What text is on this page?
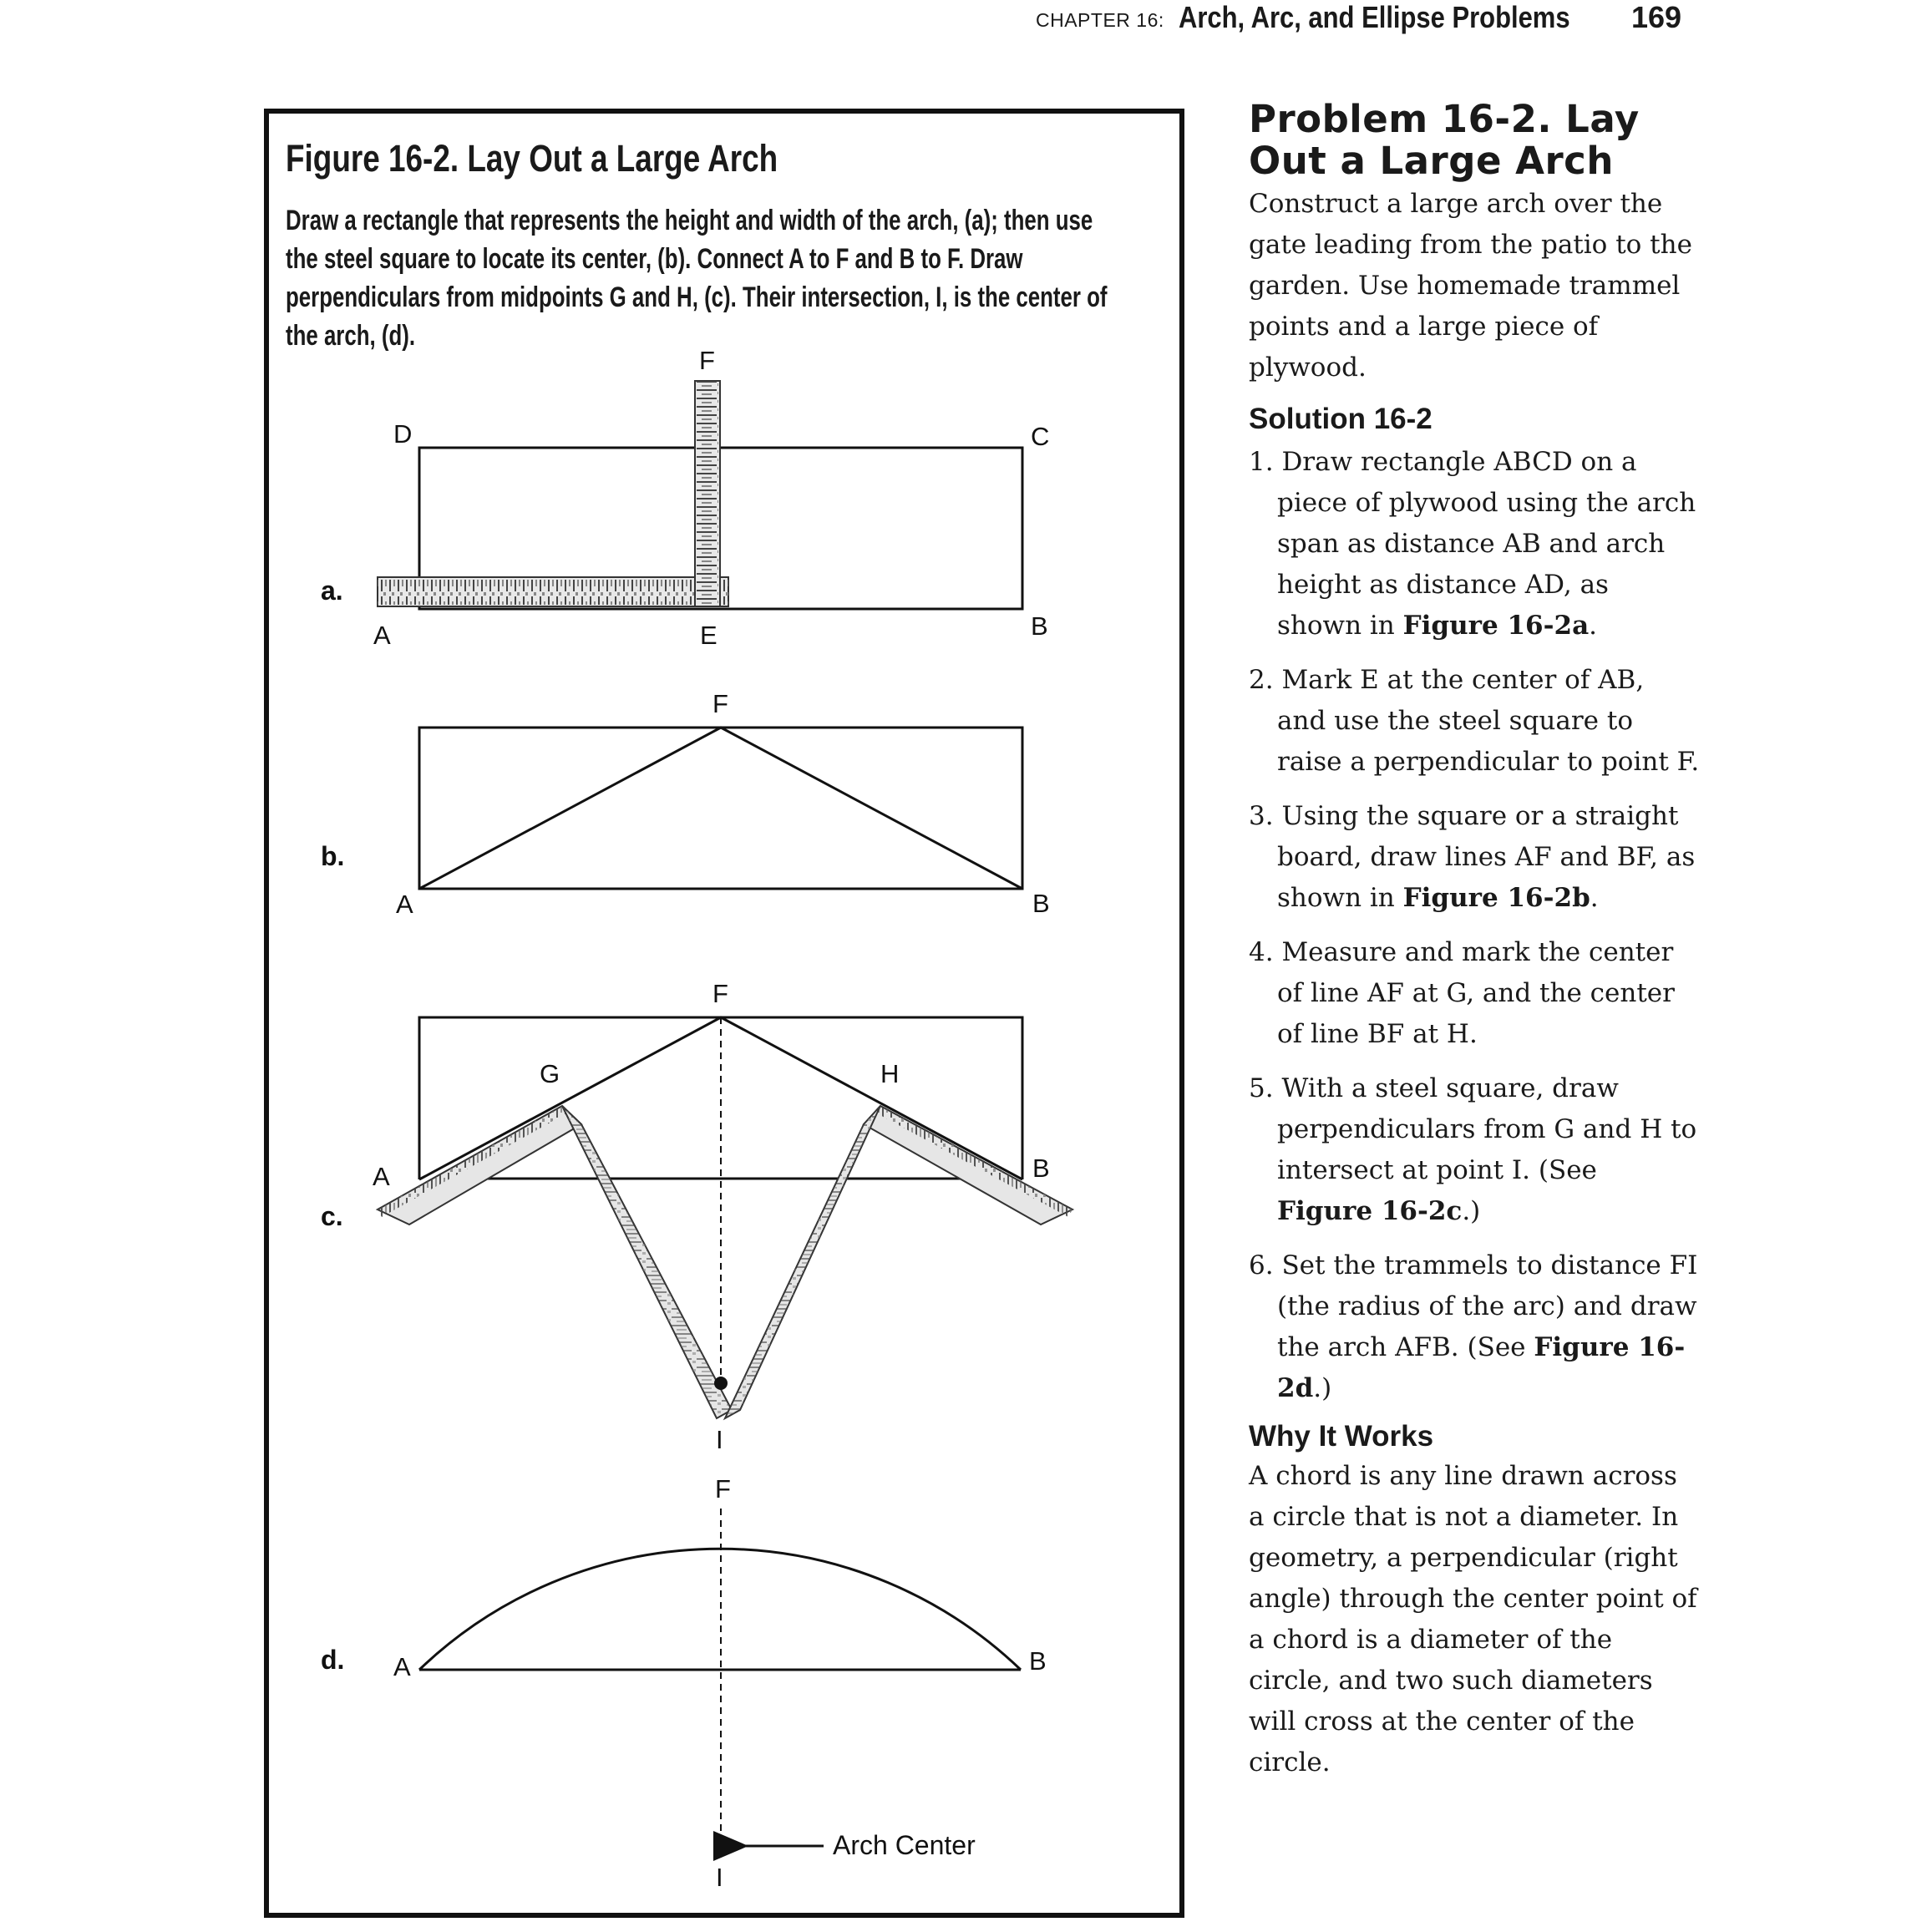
CHAPTER 16: Arch, Arc, and Ellipse Problems 169
Figure 16-2. Lay Out a Large Arch

Draw a rectangle that represents the height and width of the arch, (a); then use the steel square to locate its center, (b). Connect A to F and B to F. Draw perpendiculars from midpoints G and H, (c). Their intersection, I, is the center of the arch, (d).

a.
D	C
A	E	B
F
b.
A	B
F
c.
A	B
F
G	H
I
d. A	B
F
I
Arch Center
Problem 16-2. Lay Out a Large Arch

Construct a large arch over the gate leading from the patio to the garden. Use homemade trammel points and a large piece of plywood.

Solution 16-2
1. Draw rectangle ABCD on a piece of plywood using the arch span as distance AB and arch height as distance AD, as shown in Figure 16-2a.
2. Mark E at the center of AB, and use the steel square to raise a perpendicular to point F.
3. Using the square or a straight board, draw lines AF and BF, as shown in Figure 16-2b.
4. Measure and mark the center of line AF at G, and the center of line BF at H.
5. With a steel square, draw perpendiculars from G and H to intersect at point I. (See Figure 16-2c.)
6. Set the trammels to distance FI (the radius of the arc) and draw the arch AFB. (See Figure 16-2d.)
Why It Works

A chord is any line drawn across a circle that is not a diameter. In geometry, a perpendicular (right angle) through the center point of a chord is a diameter of the circle, and two such diameters will cross at the center of the circle.
